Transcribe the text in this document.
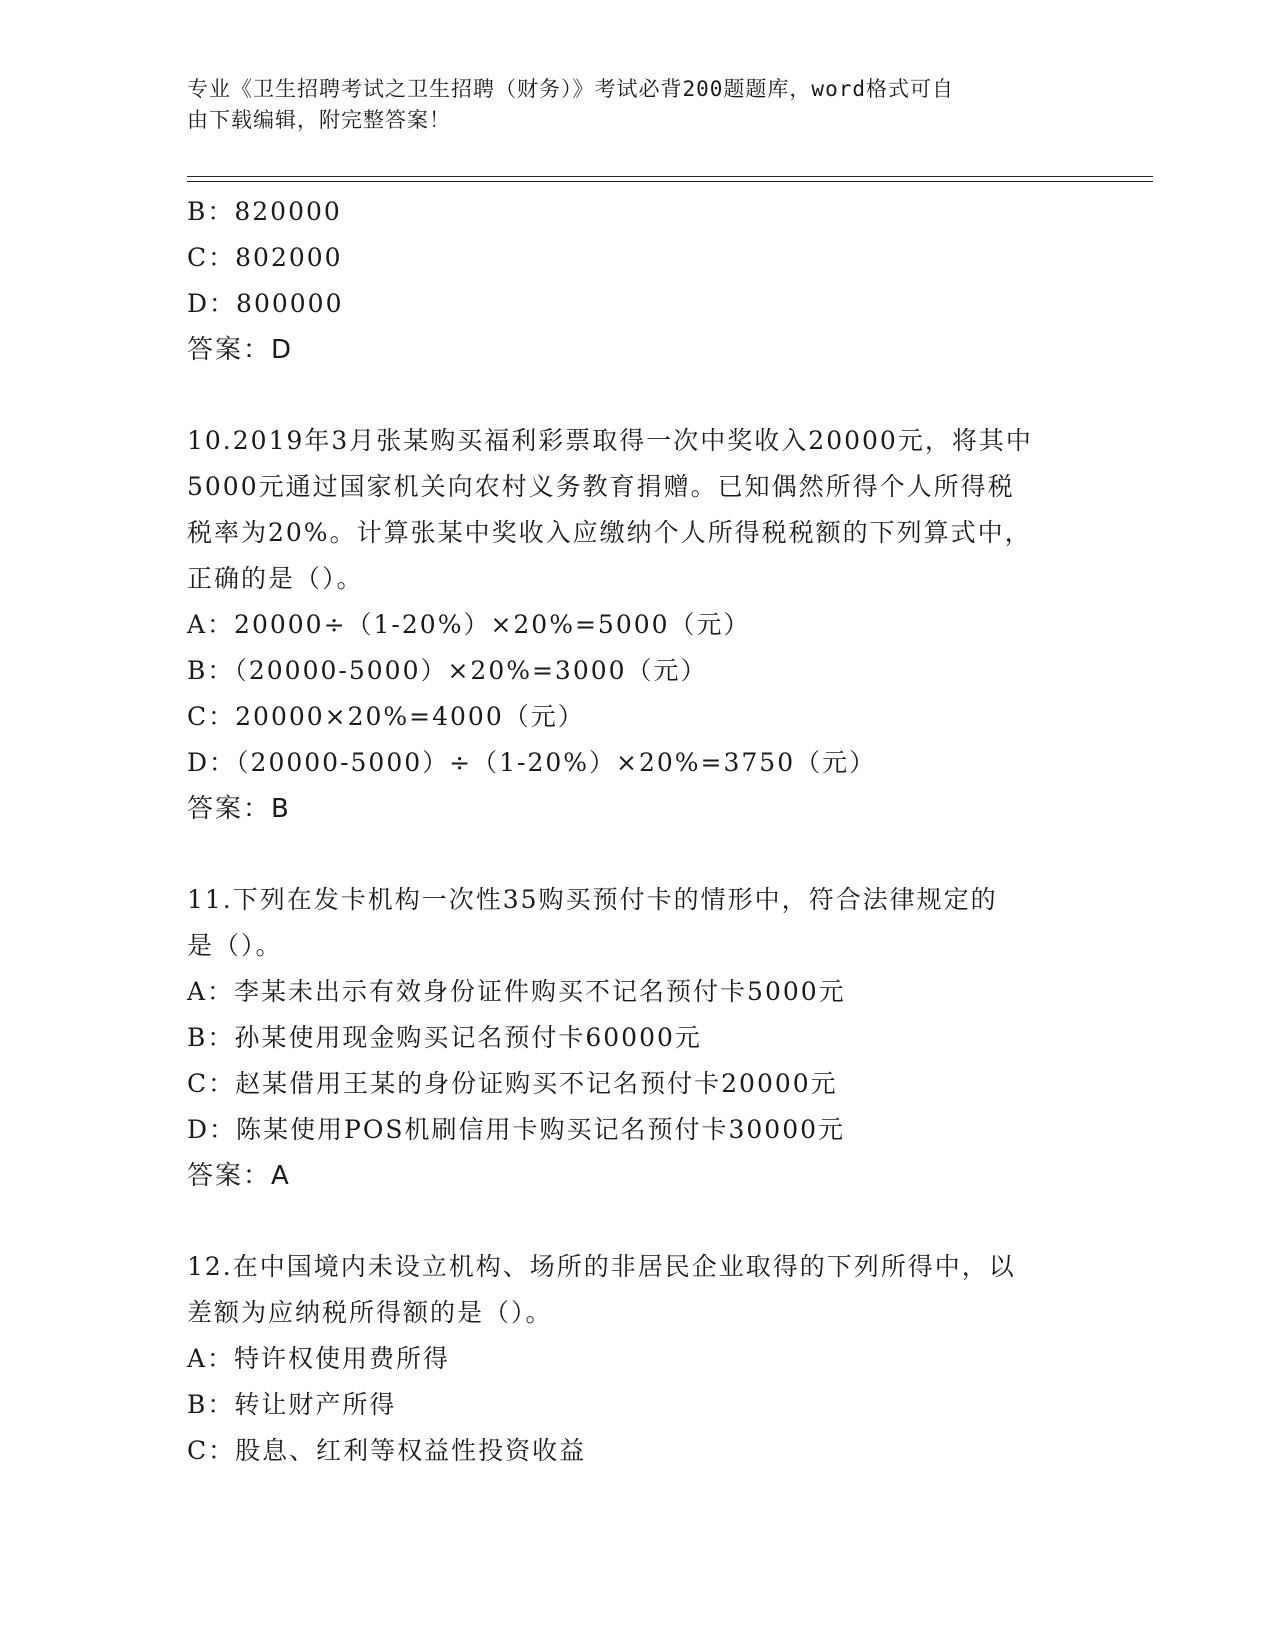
专业《卫生招聘考试之卫生招聘（财务）》考试必背200题题库，word格式可自
由下载编辑，附完整答案！
B：820000
C：802000
D：800000
答案：D
10.2019年3月张某购买福利彩票取得一次中奖收入20000元，将其中
5000元通过国家机关向农村义务教育捐赠。已知偶然所得个人所得税
税率为20%。计算张某中奖收入应缴纳个人所得税税额的下列算式中，
正确的是（）。
A：20000÷（1-20%）×20%=5000（元）
B：（20000-5000）×20%=3000（元）
C：20000×20%=4000（元）
D：（20000-5000）÷（1-20%）×20%=3750（元）
答案：B
11.下列在发卡机构一次性35购买预付卡的情形中，符合法律规定的
是（）。
A：李某未出示有效身份证件购买不记名预付卡5000元
B：孙某使用现金购买记名预付卡60000元
C：赵某借用王某的身份证购买不记名预付卡20000元
D：陈某使用POS机刷信用卡购买记名预付卡30000元
答案：A
12.在中国境内未设立机构、场所的非居民企业取得的下列所得中，以
差额为应纳税所得额的是（）。
A：特许权使用费所得
B：转让财产所得
C：股息、红利等权益性投资收益
